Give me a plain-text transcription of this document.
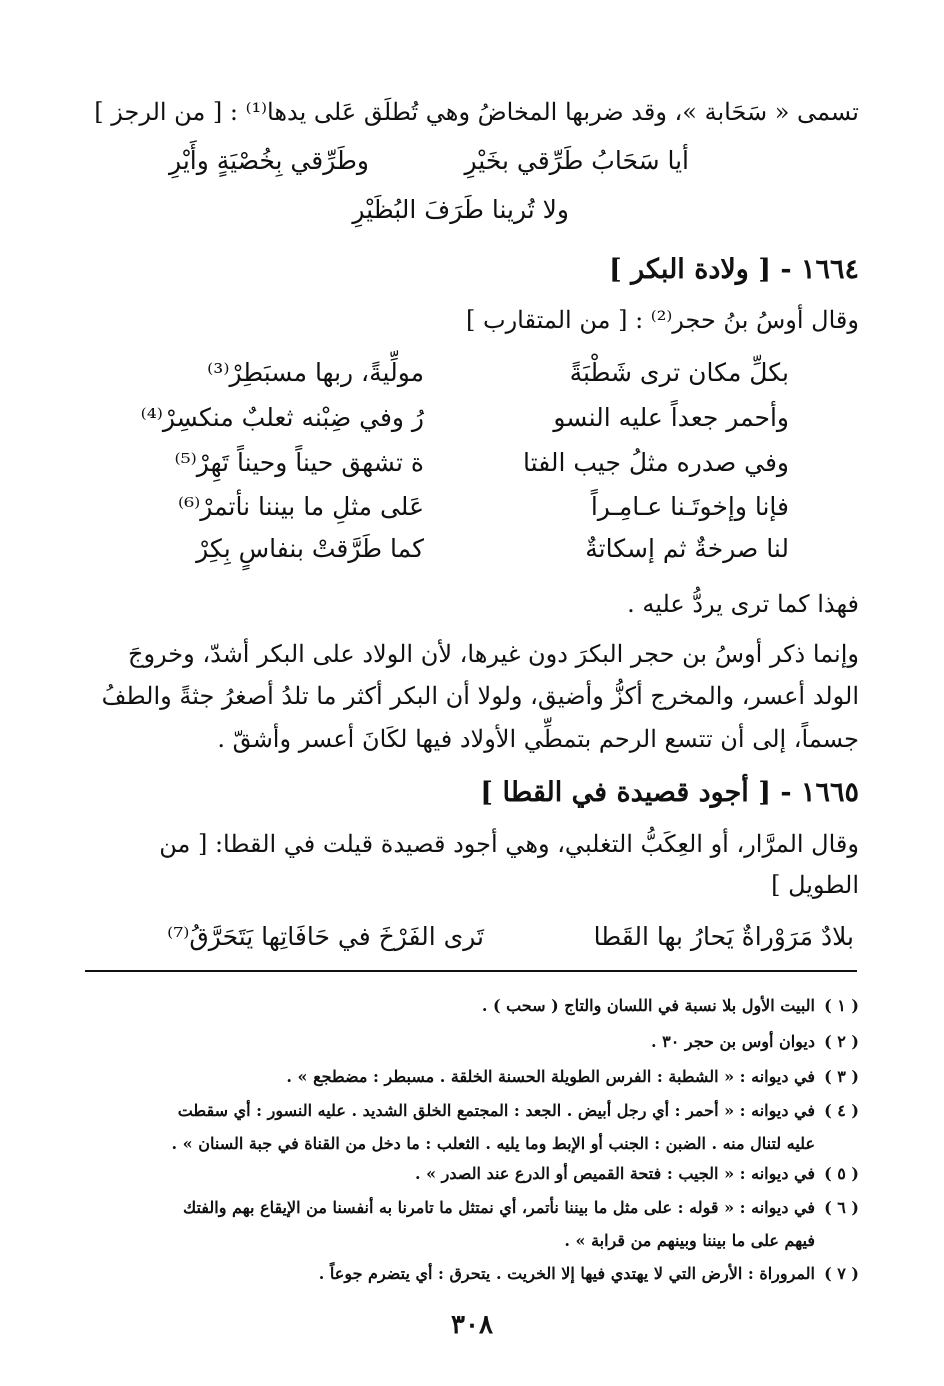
تسمى « سَحَابة »، وقد ضربها المخاضُ وهي تُطلَق عَلى يدها⁽¹⁾ : [ من الرجز ]
أيا سَحَابُ طَرِّقي بخَيْرِ
وطَرِّقي بِخُصْيَةٍ وأَيْرِ
ولا تُرينا طَرَفَ البُظَيْرِ
١٦٦٤ - [ ولادة البكر ]
وقال أوسُ بنُ حجر⁽²⁾ : [ من المتقارب ]
بكلِّ مكان ترى شَطْبَةً
مولِّيةً، ربها مسبَطِرْ⁽³⁾
وأحمر جعداً عليه النسو
رُ وفي ضِبْنه ثعلبٌ منكسِرْ⁽⁴⁾
وفي صدره مثلُ جيب الفتا
ة تشهق حيناً وحيناً تَهِرْ⁽⁵⁾
فإنا وإخوتَـنا عـامِـراً
عَلى مثلِ ما بيننا نأتمرْ⁽⁶⁾
لنا صرخةٌ ثم إسكاتةٌ
كما طَرَّقتْ بنفاسٍ بِكِرْ
فهذا كما ترى يردُّ عليه .
وإنما ذكر أوسُ بن حجر البكرَ دون غيرها، لأن الولاد على البكر أشدّ، وخروجَ
الولد أعسر، والمخرج أكزُّ وأضيق، ولولا أن البكر أكثر ما تلدُ أصغرُ جثةً والطفُ
جسماً، إلى أن تتسع الرحم بتمطِّي الأولاد فيها لكَانَ أعسر وأشقّ .
١٦٦٥ - [ أجود قصيدة في القطا ]
وقال المرَّار، أو العِكَبُّ التغلبي، وهي أجود قصيدة قيلت في القطا: [ من
الطويل ]
بلادٌ مَرَوْراةٌ يَحارُ بها القَطا
تَرى الفَرْخَ في حَافَاتِها يَتَحَرَّقُ⁽⁷⁾
( ١ )البيت الأول بلا نسبة في اللسان والتاج ( سحب ) .
( ٢ )ديوان أوس بن حجر ٣٠ .
( ٣ )في ديوانه : « الشطبة : الفرس الطويلة الحسنة الخلقة . مسبطر : مضطجع » .
( ٤ )في ديوانه : « أحمر : أي رجل أبيض . الجعد : المجتمع الخلق الشديد . عليه النسور : أي سقطت
عليه لتنال منه . الضبن : الجنب أو الإبط وما يليه . الثعلب : ما دخل من القناة في جبة السنان » .
( ٥ )في ديوانه : « الجيب : فتحة القميص أو الدرع عند الصدر » .
( ٦ )في ديوانه : « قوله : على مثل ما بيننا نأتمر، أي نمتثل ما تامرنا به أنفسنا من الإيقاع بهم والفتك
فيهم على ما بيننا وبينهم من قرابة » .
( ٧ )المروراة : الأرض التي لا يهتدي فيها إلا الخريت . يتحرق : أي يتضرم جوعاً .
٣٠٨
